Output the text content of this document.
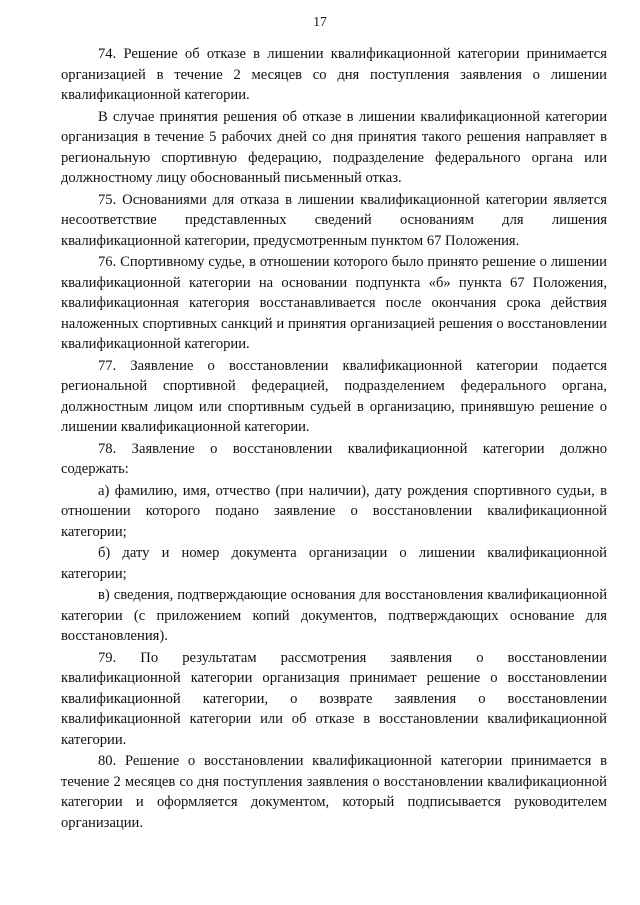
17

74. Решение об отказе в лишении квалификационной категории принимается организацией в течение 2 месяцев со дня поступления заявления о лишении квалификационной категории.

В случае принятия решения об отказе в лишении квалификационной категории организация в течение 5 рабочих дней со дня принятия такого решения направляет в региональную спортивную федерацию, подразделение федерального органа или должностному лицу обоснованный письменный отказ.

75. Основаниями для отказа в лишении квалификационной категории является несоответствие представленных сведений основаниям для лишения квалификационной категории, предусмотренным пунктом 67 Положения.

76. Спортивному судье, в отношении которого было принято решение о лишении квалификационной категории на основании подпункта «б» пункта 67 Положения, квалификационная категория восстанавливается после окончания срока действия наложенных спортивных санкций и принятия организацией решения о восстановлении квалификационной категории.

77. Заявление о восстановлении квалификационной категории подается региональной спортивной федерацией, подразделением федерального органа, должностным лицом или спортивным судьей в организацию, принявшую решение о лишении квалификационной категории.

78. Заявление о восстановлении квалификационной категории должно содержать:

а) фамилию, имя, отчество (при наличии), дату рождения спортивного судьи, в отношении которого подано заявление о восстановлении квалификационной категории;

б) дату и номер документа организации о лишении квалификационной категории;

в) сведения, подтверждающие основания для восстановления квалификационной категории (с приложением копий документов, подтверждающих основание для восстановления).

79. По результатам рассмотрения заявления о восстановлении квалификационной категории организация принимает решение о восстановлении квалификационной категории, о возврате заявления о восстановлении квалификационной категории или об отказе в восстановлении квалификационной категории.

80. Решение о восстановлении квалификационной категории принимается в течение 2 месяцев со дня поступления заявления о восстановлении квалификационной категории и оформляется документом, который подписывается руководителем организации.
